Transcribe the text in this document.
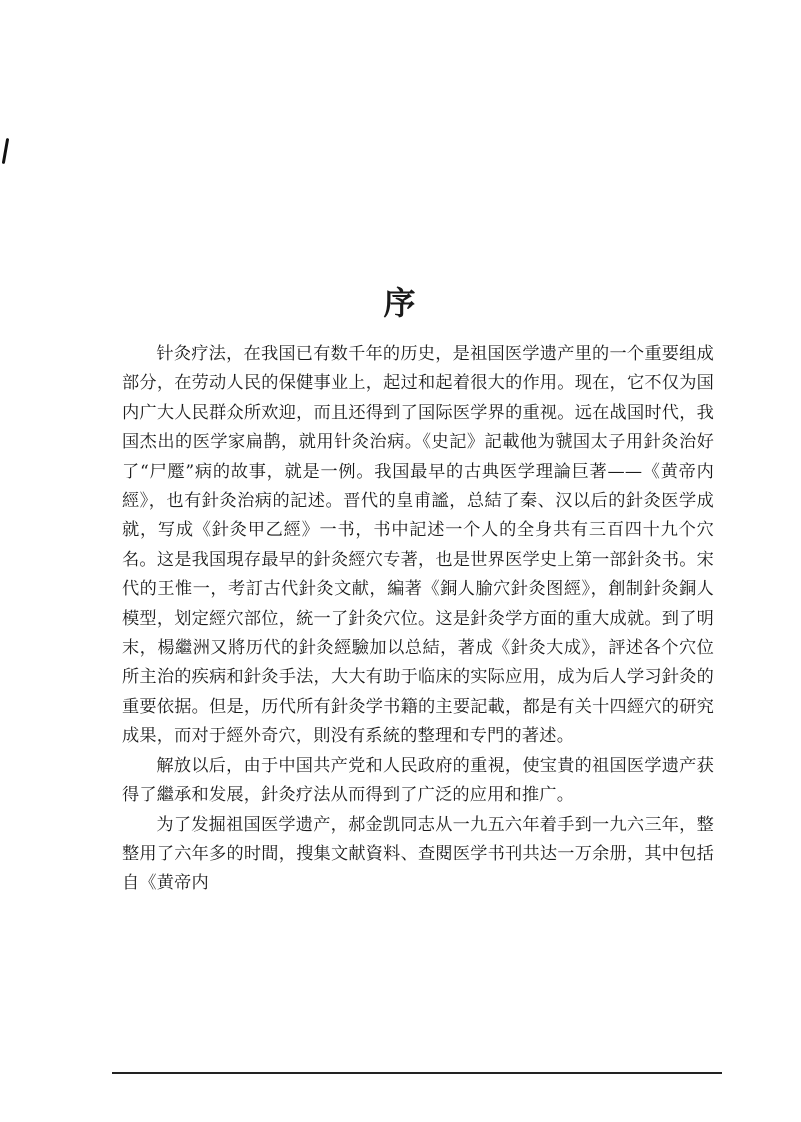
序

针灸疗法，在我国已有数千年的历史，是祖国医学遗产里的一个重要组成部分，在劳动人民的保健事业上，起过和起着很大的作用。现在，它不仅为国内广大人民群众所欢迎，而且还得到了国际医学界的重视。远在战国时代，我国杰出的医学家扁鹊，就用针灸治病。《史記》記載他为虢国太子用針灸治好了“尸蹷”病的故事，就是一例。我国最早的古典医学理論巨著——《黄帝内經》，也有針灸治病的記述。晋代的皇甫謐，总結了秦、汉以后的針灸医学成就，写成《針灸甲乙經》一书，书中記述一个人的全身共有三百四十九个穴名。这是我国現存最早的針灸經穴专著，也是世界医学史上第一部針灸书。宋代的王惟一，考訂古代針灸文献，編著《銅人腧穴針灸图經》，創制針灸銅人模型，划定經穴部位，統一了針灸穴位。这是針灸学方面的重大成就。到了明末，楊繼洲又將历代的針灸經驗加以总結，著成《針灸大成》，評述各个穴位所主治的疾病和針灸手法，大大有助于临床的实际应用，成为后人学习針灸的重要依据。但是，历代所有針灸学书籍的主要記載，都是有关十四經穴的研究成果，而对于經外奇穴，則没有系統的整理和专門的著述。

解放以后，由于中国共产党和人民政府的重視，使宝貴的祖国医学遗产获得了繼承和发展，針灸疗法从而得到了广泛的应用和推广。

为了发掘祖国医学遗产，郝金凯同志从一九五六年着手到一九六三年，整整用了六年多的时間，搜集文献資料、查閱医学书刊共达一万余册，其中包括自《黄帝内
